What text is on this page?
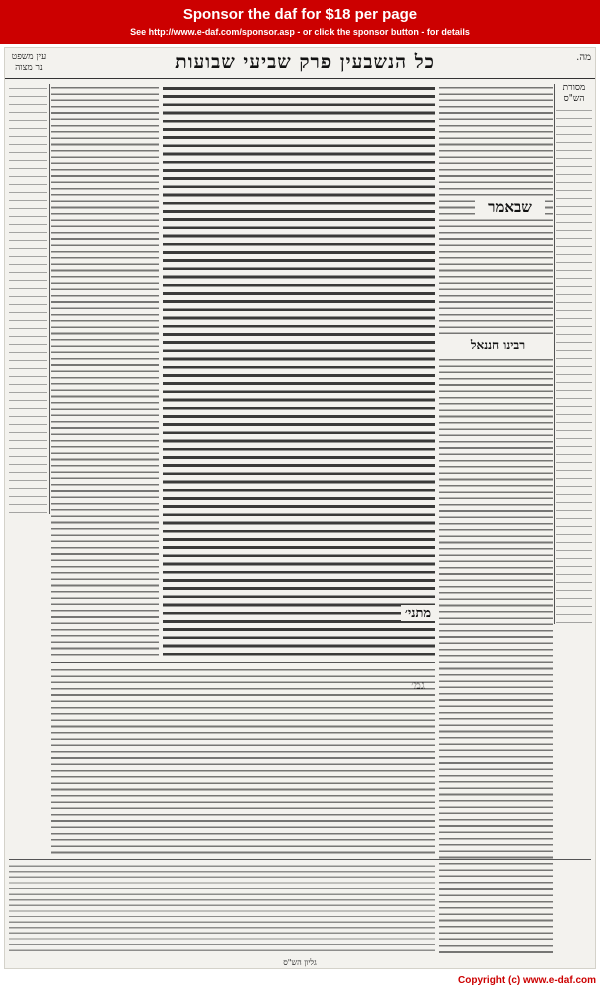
Sponsor the daf for $18 per page
See http://www.e-daf.com/sponsor.asp - or click the sponsor button - for details
עין משפט נר מצוה	כל הנשבעין פרק שביעי שבועות	מה.
רבינו חננאל
מסורת הש"ס
שבאמר
מתני׳
גליון הש"ס
Copyright (c) www.e-daf.com
